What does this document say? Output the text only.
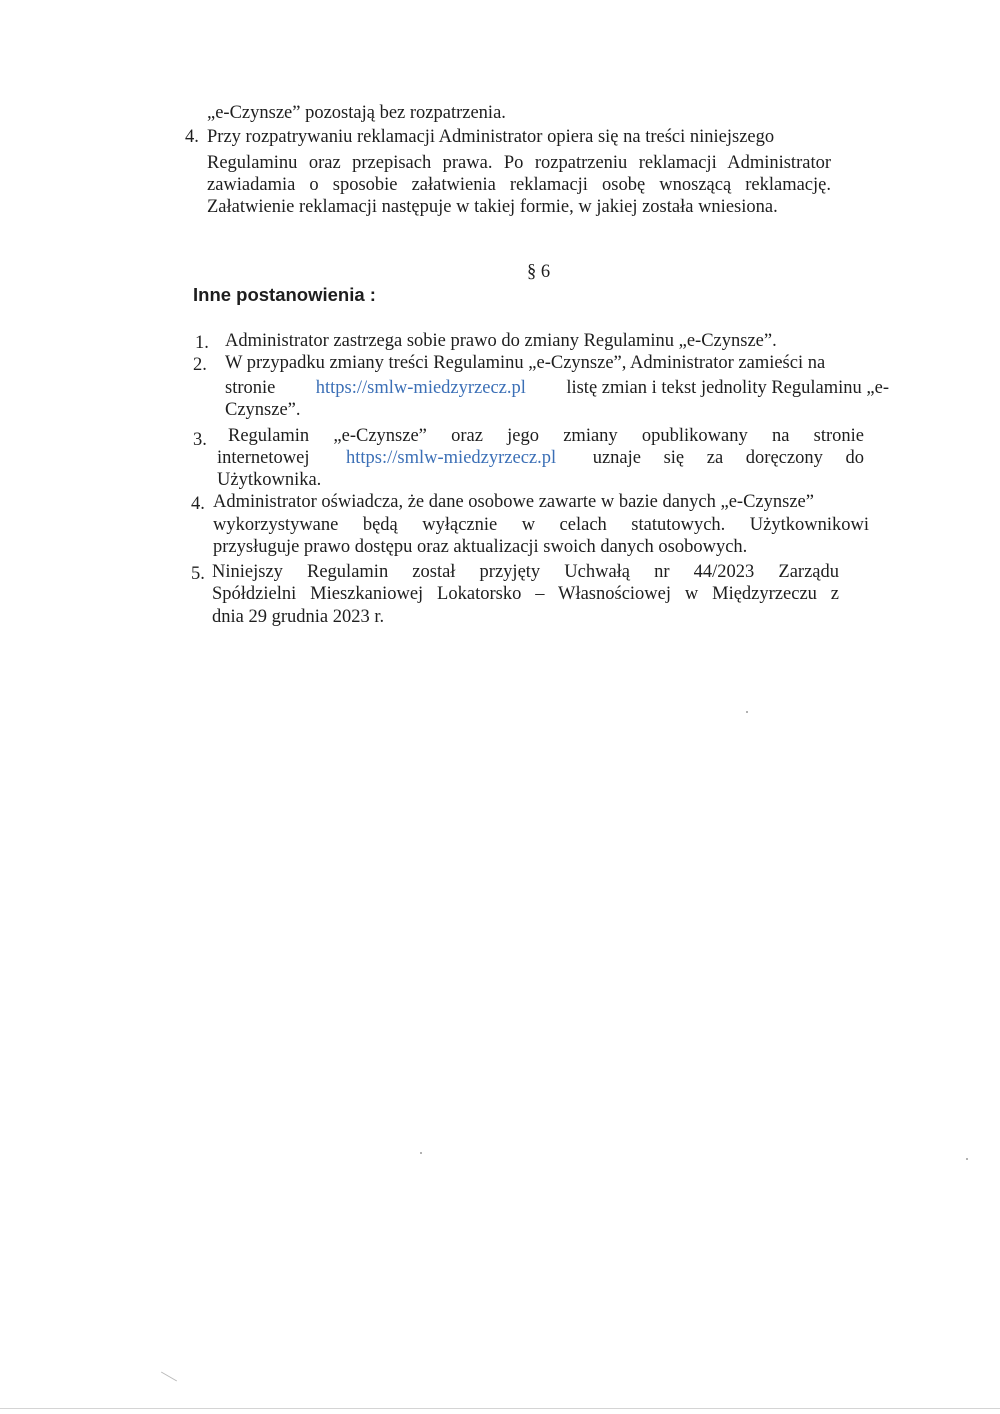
„e-Czynsze” pozostają bez rozpatrzenia.
4. Przy rozpatrywaniu reklamacji Administrator opiera się na treści niniejszego
Regulaminu oraz przepisach prawa. Po rozpatrzeniu reklamacji Administrator
zawiadamia o sposobie załatwienia reklamacji osobę wnoszącą reklamację.
Załatwienie reklamacji następuje w takiej formie, w jakiej została wniesiona.
§ 6
Inne postanowienia :
1. Administrator zastrzega sobie prawo do zmiany Regulaminu „e-Czynsze”.
2. W przypadku zmiany treści Regulaminu „e-Czynsze”, Administrator zamieści na
stronie https://smlw-miedzyrzecz.pl listę zmian i tekst jednolity Regulaminu „e-
Czynsze”.
3. Regulamin „e-Czynsze” oraz jego zmiany opublikowany na stronie
internetowej https://smlw-miedzyrzecz.pl uznaje się za doręczony do
Użytkownika.
4. Administrator oświadcza, że dane osobowe zawarte w bazie danych „e-Czynsze”
wykorzystywane będą wyłącznie w celach statutowych. Użytkownikowi
przysługuje prawo dostępu oraz aktualizacji swoich danych osobowych.
5. Niniejszy Regulamin został przyjęty Uchwałą nr 44/2023 Zarządu
Spółdzielni Mieszkaniowej Lokatorsko – Własnościowej w Międzyrzeczu z
dnia 29 grudnia 2023 r.
